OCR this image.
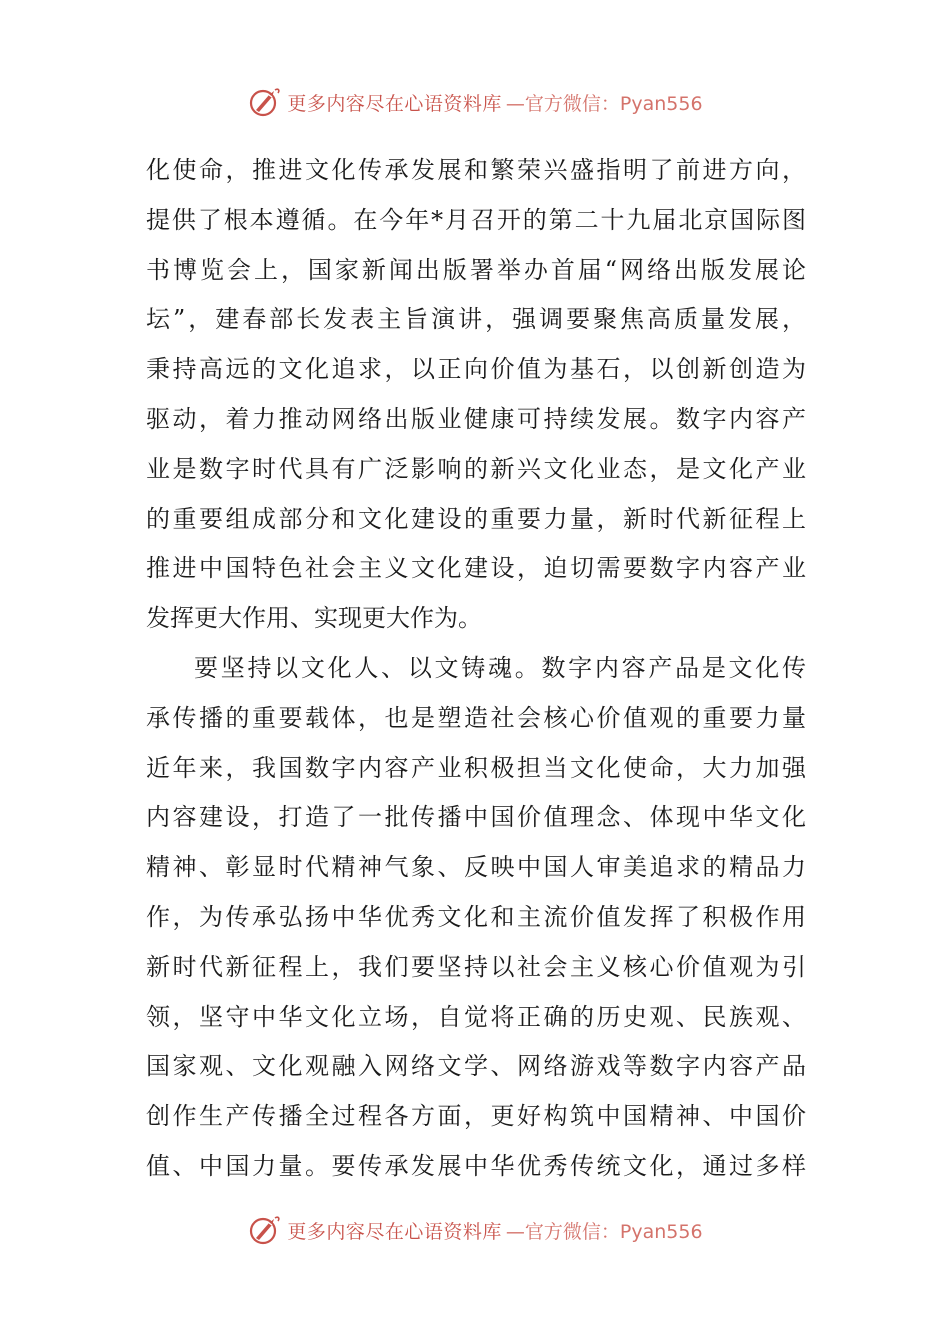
更多内容尽在心语资料库 —官方微信：Pyan556
化使命，推进文化传承发展和繁荣兴盛指明了前进方向，
提供了根本遵循。在今年*月召开的第二十九届北京国际图
书博览会上，国家新闻出版署举办首届“网络出版发展论
坛”，建春部长发表主旨演讲，强调要聚焦高质量发展，
秉持高远的文化追求，以正向价值为基石，以创新创造为
驱动，着力推动网络出版业健康可持续发展。数字内容产
业是数字时代具有广泛影响的新兴文化业态，是文化产业
的重要组成部分和文化建设的重要力量，新时代新征程上
推进中国特色社会主义文化建设，迫切需要数字内容产业
发挥更大作用、实现更大作为。
要坚持以文化人、以文铸魂。数字内容产品是文化传
承传播的重要载体，也是塑造社会核心价值观的重要力量
近年来，我国数字内容产业积极担当文化使命，大力加强
内容建设，打造了一批传播中国价值理念、体现中华文化
精神、彰显时代精神气象、反映中国人审美追求的精品力
作，为传承弘扬中华优秀文化和主流价值发挥了积极作用
新时代新征程上，我们要坚持以社会主义核心价值观为引
领，坚守中华文化立场，自觉将正确的历史观、民族观、
国家观、文化观融入网络文学、网络游戏等数字内容产品
创作生产传播全过程各方面，更好构筑中国精神、中国价
值、中国力量。要传承发展中华优秀传统文化，通过多样
更多内容尽在心语资料库 —官方微信：Pyan556
